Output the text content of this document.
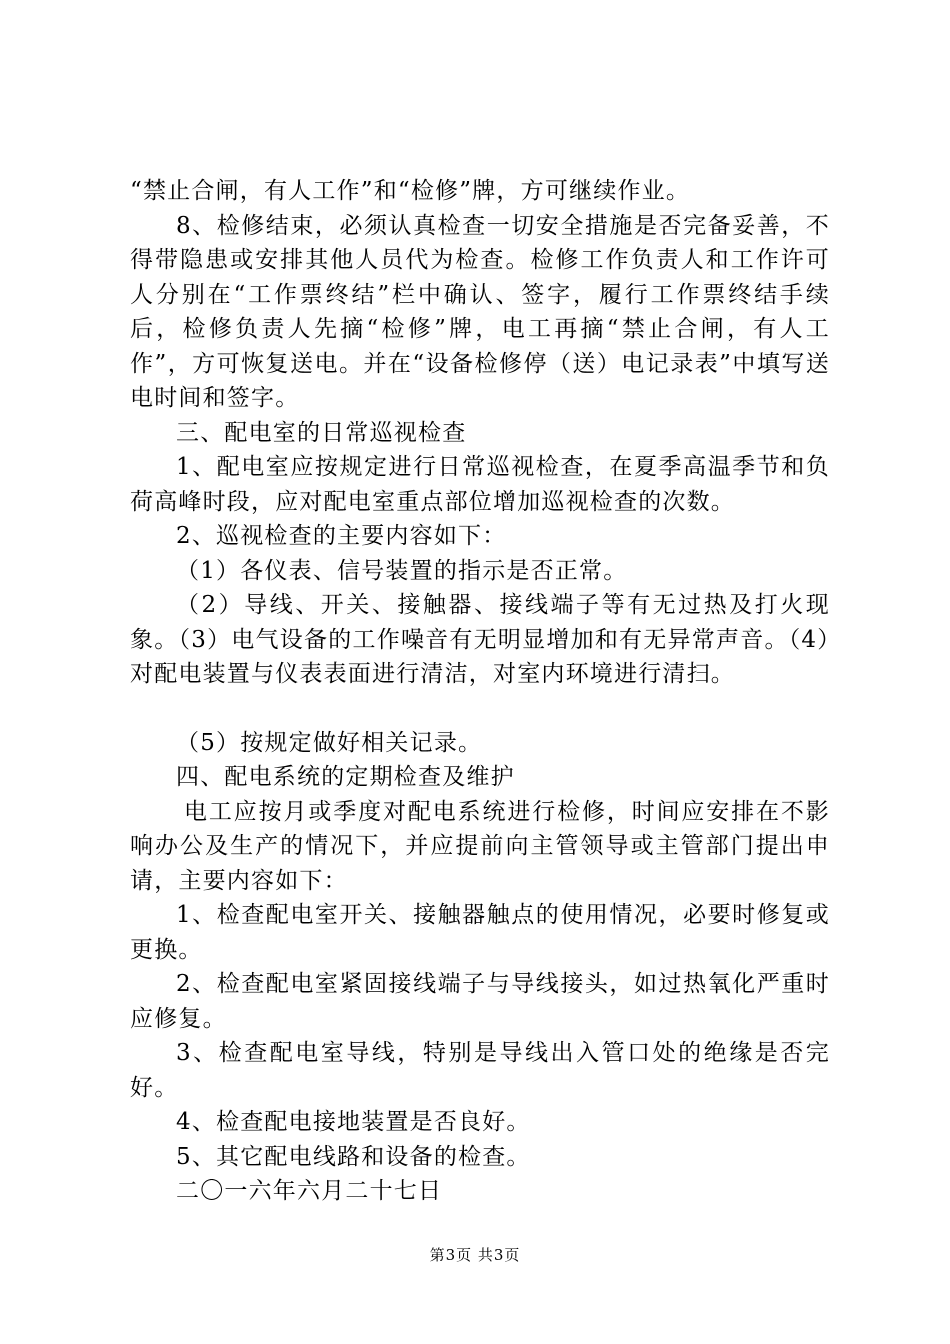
“禁止合闸，有人工作”和“检修”牌，方可继续作业。

8、检修结束，必须认真检查一切安全措施是否完备妥善，不得带隐患或安排其他人员代为检查。检修工作负责人和工作许可人分别在“工作票终结”栏中确认、签字，履行工作票终结手续后，检修负责人先摘“检修”牌，电工再摘“禁止合闸，有人工作”，方可恢复送电。并在“设备检修停（送）电记录表”中填写送电时间和签字。

三、配电室的日常巡视检查

1、配电室应按规定进行日常巡视检查，在夏季高温季节和负荷高峰时段，应对配电室重点部位增加巡视检查的次数。

2、巡视检查的主要内容如下：

（1）各仪表、信号装置的指示是否正常。

（2）导线、开关、接触器、接线端子等有无过热及打火现象。（3）电气设备的工作噪音有无明显增加和有无异常声音。（4）对配电装置与仪表表面进行清洁，对室内环境进行清扫。

（5）按规定做好相关记录。

四、配电系统的定期检查及维护

电工应按月或季度对配电系统进行检修，时间应安排在不影响办公及生产的情况下，并应提前向主管领导或主管部门提出申请，主要内容如下：

1、检查配电室开关、接触器触点的使用情况，必要时修复或更换。

2、检查配电室紧固接线端子与导线接头，如过热氧化严重时应修复。

3、检查配电室导线，特别是导线出入管口处的绝缘是否完好。

4、检查配电接地装置是否良好。

5、其它配电线路和设备的检查。

二〇一六年六月二十七日

第3页 共3页
